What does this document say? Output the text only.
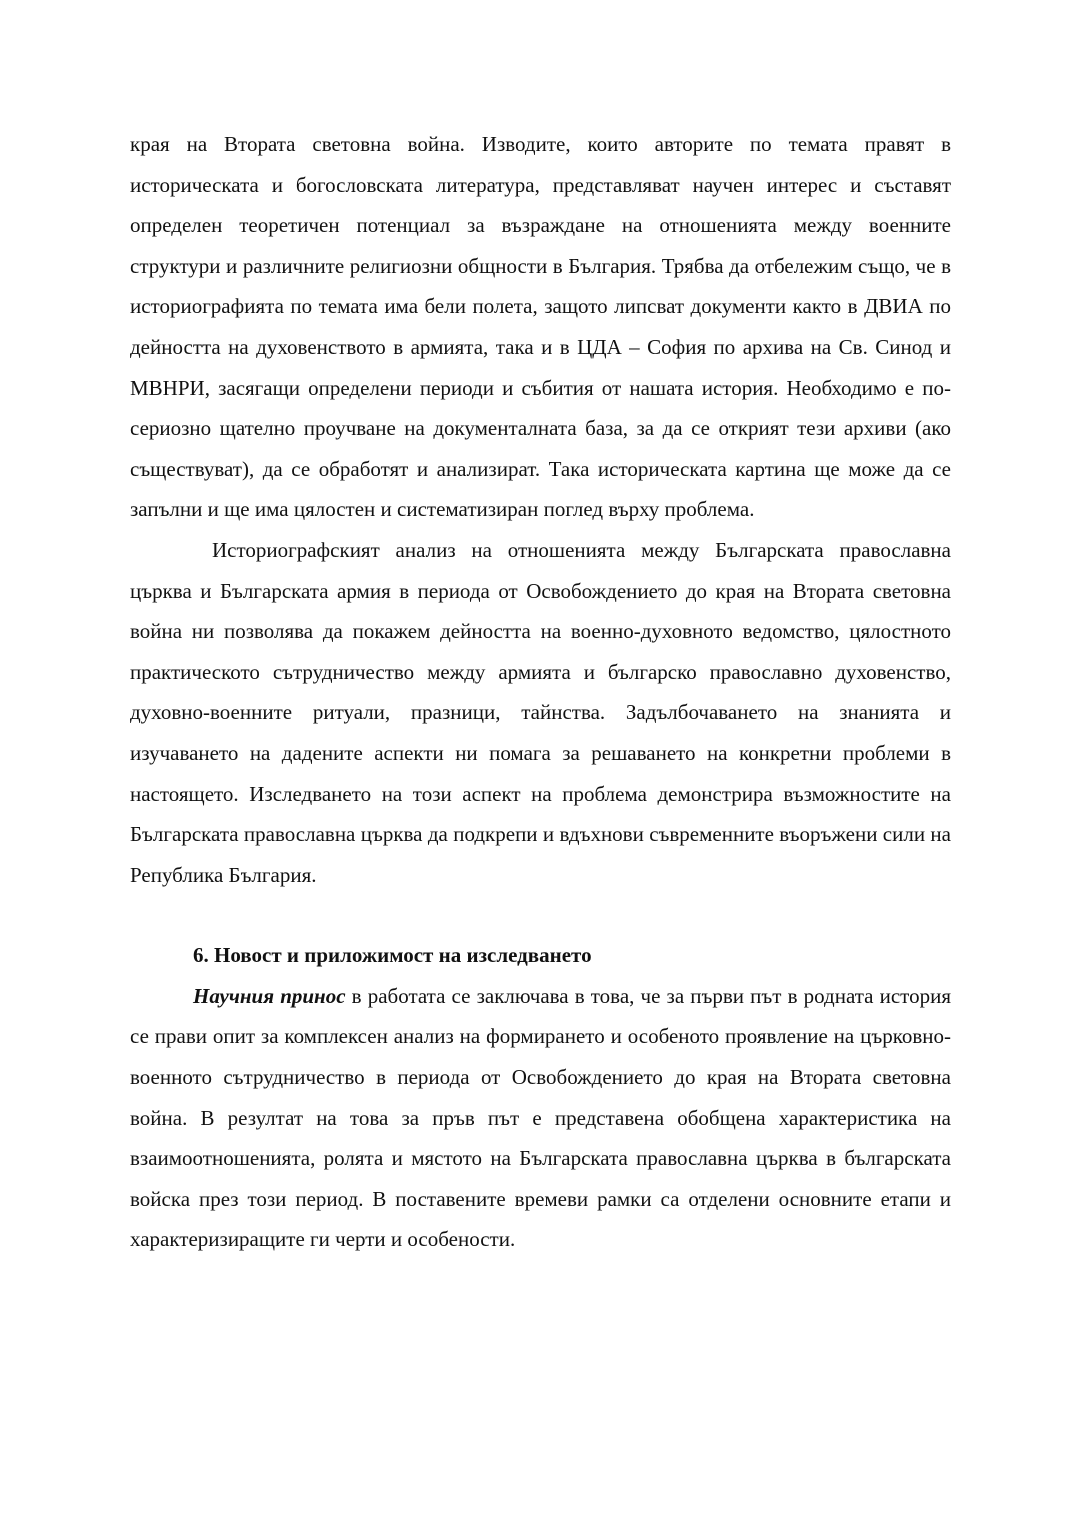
края на Втората световна война. Изводите, които авторите по темата правят в историческата и богословската литература, представляват научен интерес и съставят определен теоретичен потенциал за възраждане на отношенията между военните структури и различните религиозни общности в България. Трябва да отбележим също, че в историографията по темата има бели полета, защото липсват документи както в ДВИА по дейността на духовенството в армията, така и в ЦДА – София по архива на Св. Синод и МВНРИ, засягащи определени периоди и събития от нашата история. Необходимо е по-сериозно щателно проучване на документалната база, за да се открият тези архиви (ако съществуват), да се обработят и анализират. Така историческата картина ще може да се запълни и ще има цялостен и систематизиран поглед върху проблема.

Историографският анализ на отношенията между Българската православна църква и Българската армия в периода от Освобождението до края на Втората световна война ни позволява да покажем дейността на военно-духовното ведомство, цялостното практическото сътрудничество между армията и българско православно духовенство, духовно-военните ритуали, празници, тайнства. Задълбочаването на знанията и изучаването на дадените аспекти ни помага за решаването на конкретни проблеми в настоящето. Изследването на този аспект на проблема демонстрира възможностите на Българската православна църква да подкрепи и вдъхнови съвременните въоръжени сили на Република България.

6. Новост и приложимост на изследването

Научния принос в работата се заключава в това, че за първи път в родната история се прави опит за комплексен анализ на формирането и особеното проявление на църковно-военното сътрудничество в периода от Освобождението до края на Втората световна война. В резултат на това за пръв път е представена обобщена характеристика на взаимоотношенията, ролята и мястото на Българската православна църква в българската войска през този период. В поставените времеви рамки са отделени основните етапи и характеризиращите ги черти и особености.
